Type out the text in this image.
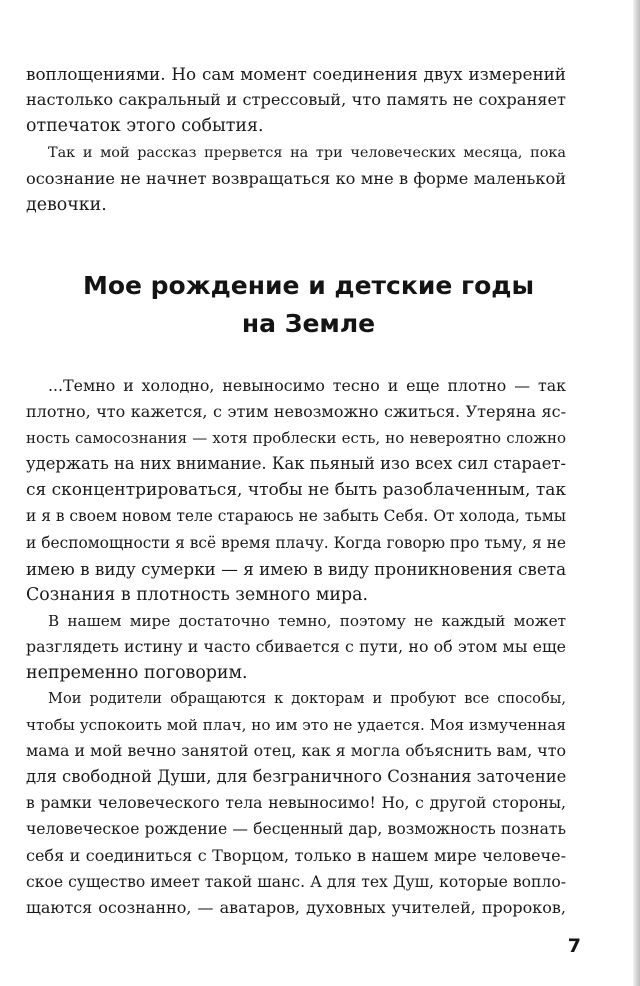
воплощениями. Но сам момент соединения двух измерений
настолько сакральный и стрессовый, что память не сохраняет
отпечаток этого события.
Так и мой рассказ прервется на три человеческих месяца, пока
осознание не начнет возвращаться ко мне в форме маленькой
девочки.
Мое рождение и детские годы
на Земле
...Темно и холодно, невыносимо тесно и еще плотно — так
плотно, что кажется, с этим невозможно сжиться. Утеряна яс-
ность самосознания — хотя проблески есть, но невероятно сложно
удержать на них внимание. Как пьяный изо всех сил старает-
ся сконцентрироваться, чтобы не быть разоблаченным, так
и я в своем новом теле стараюсь не забыть Себя. От холода, тьмы
и беспомощности я всё время плачу. Когда говорю про тьму, я не
имею в виду сумерки — я имею в виду проникновения света
Сознания в плотность земного мира.
В нашем мире достаточно темно, поэтому не каждый может
разглядеть истину и часто сбивается с пути, но об этом мы еще
непременно поговорим.
Мои родители обращаются к докторам и пробуют все способы,
чтобы успокоить мой плач, но им это не удается. Моя измученная
мама и мой вечно занятой отец, как я могла объяснить вам, что
для свободной Души, для безграничного Сознания заточение
в рамки человеческого тела невыносимо! Но, с другой стороны,
человеческое рождение — бесценный дар, возможность познать
себя и соединиться с Творцом, только в нашем мире человече-
ское существо имеет такой шанс. А для тех Душ, которые вопло-
щаются осознанно, — аватаров, духовных учителей, пророков,
7
